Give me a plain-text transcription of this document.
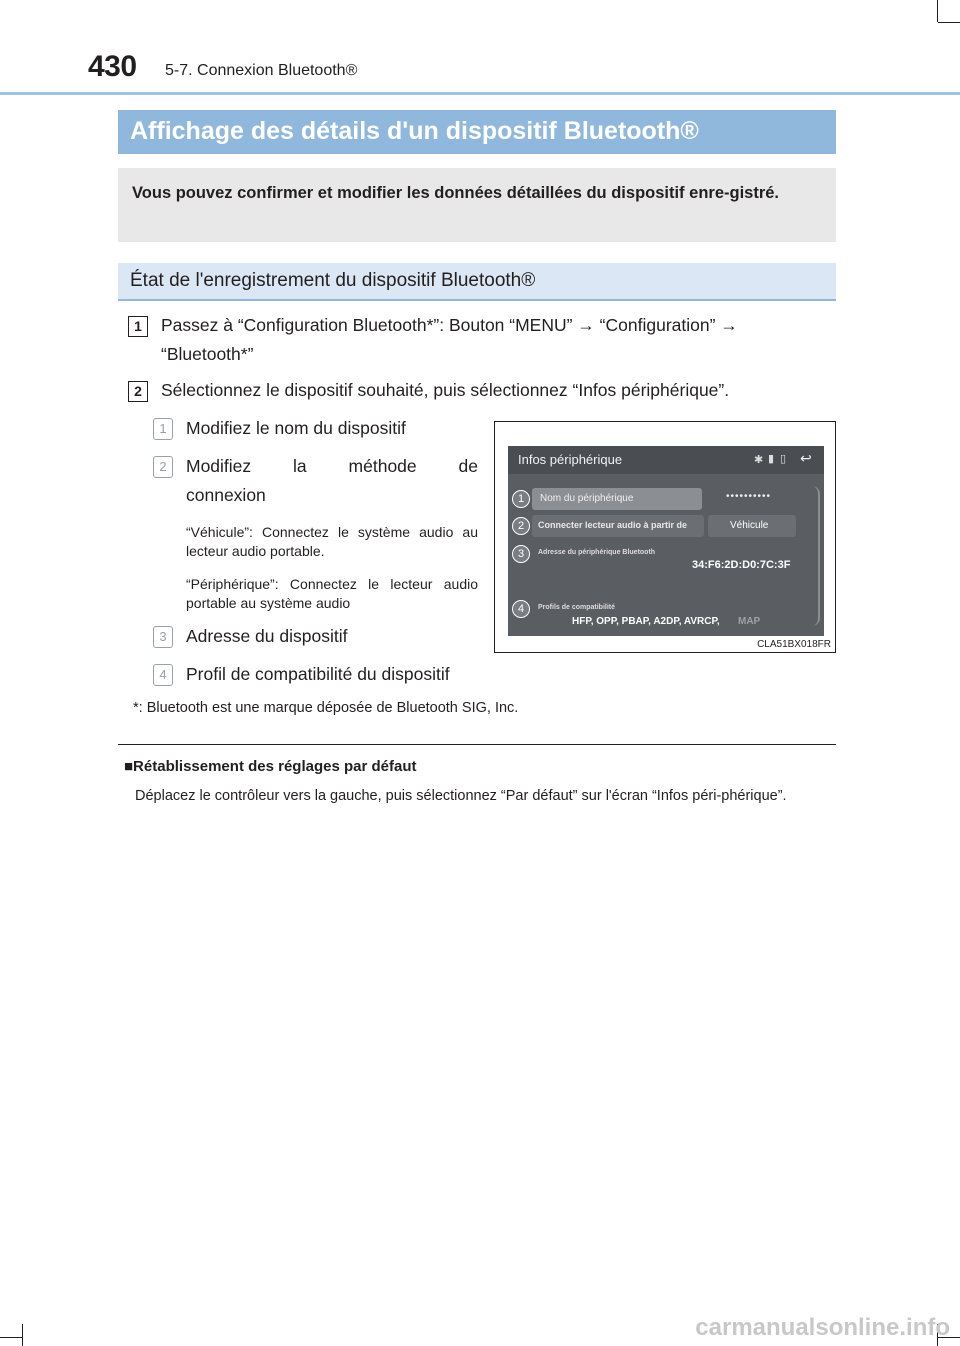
430 5-7. Connexion Bluetooth®
Affichage des détails d'un dispositif Bluetooth®

Vous pouvez confirmer et modifier les données détaillées du dispositif enre-gistré.

État de l'enregistrement du dispositif Bluetooth®
1	Passez à “Configuration Bluetooth*”: Bouton “MENU” → “Configuration” →
“Bluetooth*”
2	Sélectionnez le dispositif souhaité, puis sélectionnez “Infos périphérique”.
1	Modifiez le nom du dispositif
2	Modifiez la méthode de
connexion
“Véhicule”: Connectez le système audio au lecteur audio portable.
“Périphérique”: Connectez le lecteur audio portable au système audio
3	Adresse du dispositif
4	Profil de compatibilité du dispositif
Infos périphérique	✱ ▮ ▯ ↩
1	Nom du périphérique	••••••••••
2	Connecter lecteur audio à partir de	Véhicule
3	Adresse du périphérique Bluetooth
34:F6:2D:D0:7C:3F
4	Profils de compatibilité
HFP, OPP, PBAP, A2DP, AVRCP, MAP
CLA51BX018FR
*: Bluetooth est une marque déposée de Bluetooth SIG, Inc.
■Rétablissement des réglages par défaut
Déplacez le contrôleur vers la gauche, puis sélectionnez “Par défaut” sur l'écran “Infos péri-phérique”.
carmanualsonline.info
